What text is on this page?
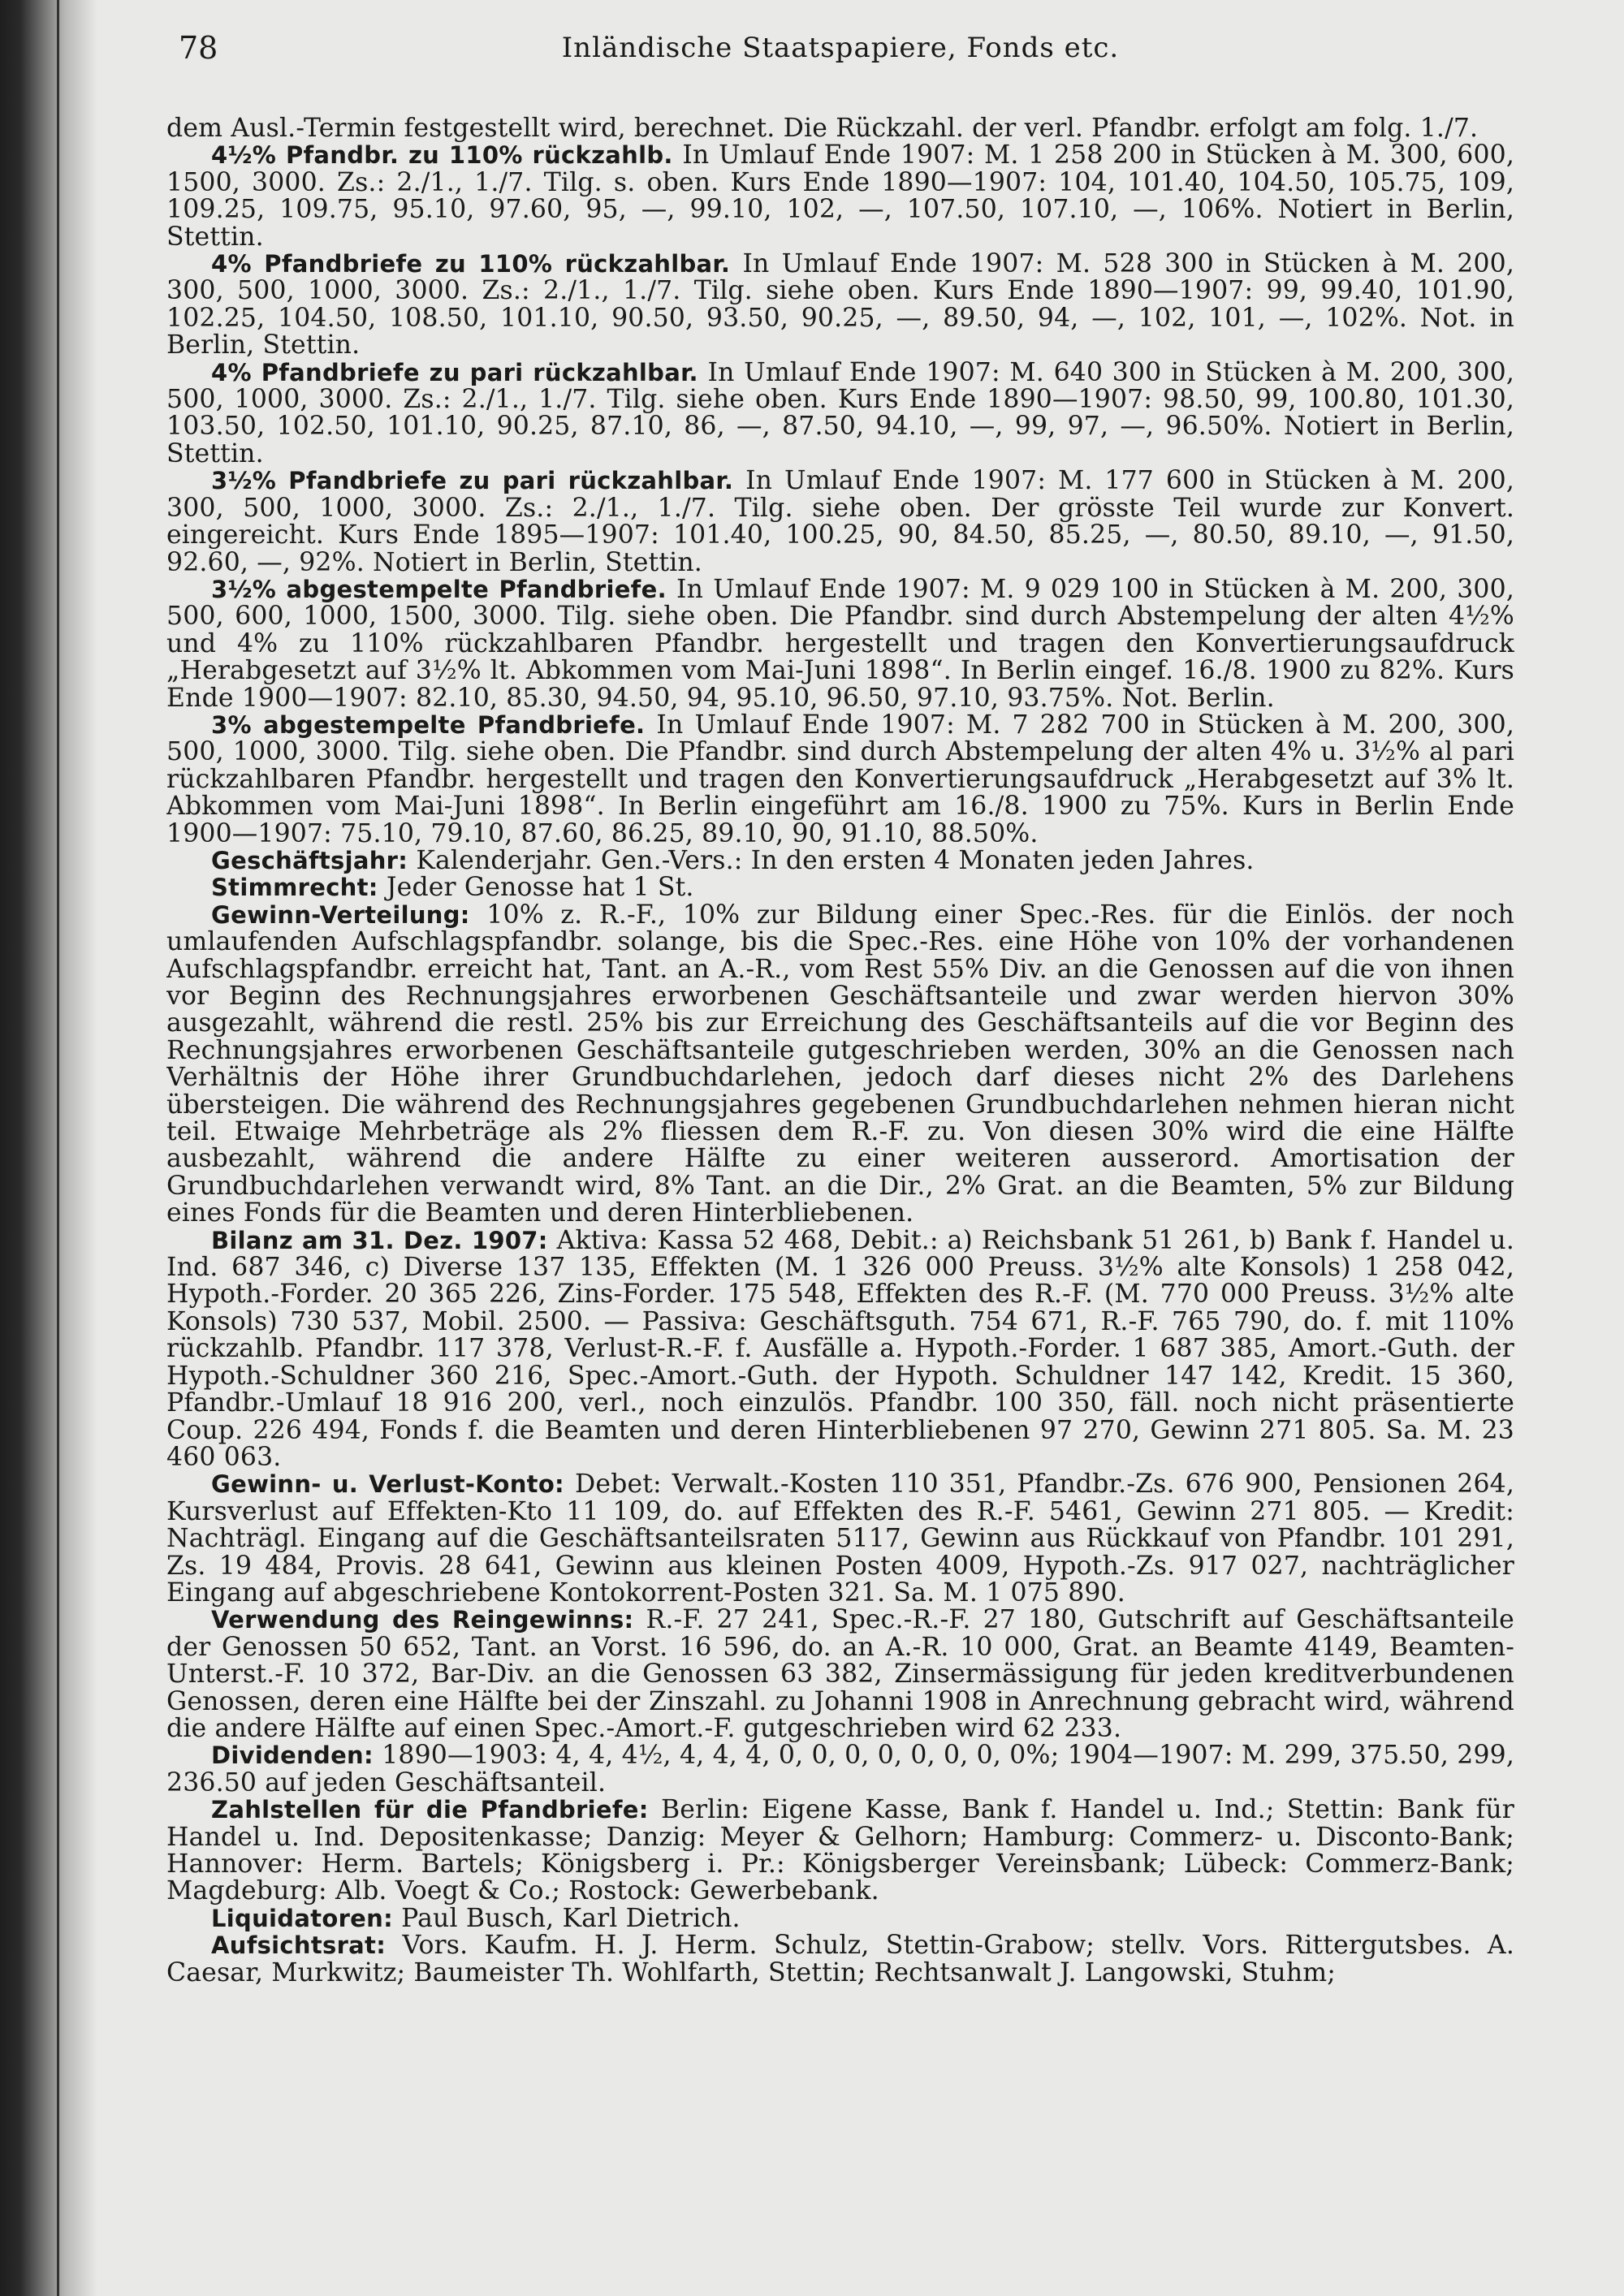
78	Inländische Staatspapiere, Fonds etc.

dem Ausl.-Termin festgestellt wird, berechnet. Die Rückzahl. der verl. Pfandbr. erfolgt am folg. 1./7.

4½% Pfandbr. zu 110% rückzahlb. In Umlauf Ende 1907: M. 1 258 200 in Stücken à M. 300, 600, 1500, 3000. Zs.: 2./1., 1./7. Tilg. s. oben. Kurs Ende 1890—1907: 104, 101.40, 104.50, 105.75, 109, 109.25, 109.75, 95.10, 97.60, 95, —, 99.10, 102, —, 107.50, 107.10, —, 106%. Notiert in Berlin, Stettin.

4% Pfandbriefe zu 110% rückzahlbar. In Umlauf Ende 1907: M. 528 300 in Stücken à M. 200, 300, 500, 1000, 3000. Zs.: 2./1., 1./7. Tilg. siehe oben. Kurs Ende 1890—1907: 99, 99.40, 101.90, 102.25, 104.50, 108.50, 101.10, 90.50, 93.50, 90.25, —, 89.50, 94, —, 102, 101, —, 102%. Not. in Berlin, Stettin.

4% Pfandbriefe zu pari rückzahlbar. In Umlauf Ende 1907: M. 640 300 in Stücken à M. 200, 300, 500, 1000, 3000. Zs.: 2./1., 1./7. Tilg. siehe oben. Kurs Ende 1890—1907: 98.50, 99, 100.80, 101.30, 103.50, 102.50, 101.10, 90.25, 87.10, 86, —, 87.50, 94.10, —, 99, 97, —, 96.50%. Notiert in Berlin, Stettin.

3½% Pfandbriefe zu pari rückzahlbar. In Umlauf Ende 1907: M. 177 600 in Stücken à M. 200, 300, 500, 1000, 3000. Zs.: 2./1., 1./7. Tilg. siehe oben. Der grösste Teil wurde zur Konvert. eingereicht. Kurs Ende 1895—1907: 101.40, 100.25, 90, 84.50, 85.25, —, 80.50, 89.10, —, 91.50, 92.60, —, 92%. Notiert in Berlin, Stettin.

3½% abgestempelte Pfandbriefe. In Umlauf Ende 1907: M. 9 029 100 in Stücken à M. 200, 300, 500, 600, 1000, 1500, 3000. Tilg. siehe oben. Die Pfandbr. sind durch Abstempelung der alten 4½% und 4% zu 110% rückzahlbaren Pfandbr. hergestellt und tragen den Konvertierungsaufdruck „Herabgesetzt auf 3½% lt. Abkommen vom Mai-Juni 1898“. In Berlin eingef. 16./8. 1900 zu 82%. Kurs Ende 1900—1907: 82.10, 85.30, 94.50, 94, 95.10, 96.50, 97.10, 93.75%. Not. Berlin.

3% abgestempelte Pfandbriefe. In Umlauf Ende 1907: M. 7 282 700 in Stücken à M. 200, 300, 500, 1000, 3000. Tilg. siehe oben. Die Pfandbr. sind durch Abstempelung der alten 4% u. 3½% al pari rückzahlbaren Pfandbr. hergestellt und tragen den Konvertierungsaufdruck „Herabgesetzt auf 3% lt. Abkommen vom Mai-Juni 1898“. In Berlin eingeführt am 16./8. 1900 zu 75%. Kurs in Berlin Ende 1900—1907: 75.10, 79.10, 87.60, 86.25, 89.10, 90, 91.10, 88.50%.

Geschäftsjahr: Kalenderjahr. Gen.-Vers.: In den ersten 4 Monaten jeden Jahres.

Stimmrecht: Jeder Genosse hat 1 St.

Gewinn-Verteilung: 10% z. R.-F., 10% zur Bildung einer Spec.-Res. für die Einlös. der noch umlaufenden Aufschlagspfandbr. solange, bis die Spec.-Res. eine Höhe von 10% der vorhandenen Aufschlagspfandbr. erreicht hat, Tant. an A.-R., vom Rest 55% Div. an die Genossen auf die von ihnen vor Beginn des Rechnungsjahres erworbenen Geschäftsanteile und zwar werden hiervon 30% ausgezahlt, während die restl. 25% bis zur Erreichung des Geschäftsanteils auf die vor Beginn des Rechnungsjahres erworbenen Geschäftsanteile gutgeschrieben werden, 30% an die Genossen nach Verhältnis der Höhe ihrer Grundbuchdarlehen, jedoch darf dieses nicht 2% des Darlehens übersteigen. Die während des Rechnungsjahres gegebenen Grundbuchdarlehen nehmen hieran nicht teil. Etwaige Mehrbeträge als 2% fliessen dem R.-F. zu. Von diesen 30% wird die eine Hälfte ausbezahlt, während die andere Hälfte zu einer weiteren ausserord. Amortisation der Grundbuchdarlehen verwandt wird, 8% Tant. an die Dir., 2% Grat. an die Beamten, 5% zur Bildung eines Fonds für die Beamten und deren Hinterbliebenen.

Bilanz am 31. Dez. 1907: Aktiva: Kassa 52 468, Debit.: a) Reichsbank 51 261, b) Bank f. Handel u. Ind. 687 346, c) Diverse 137 135, Effekten (M. 1 326 000 Preuss. 3½% alte Konsols) 1 258 042, Hypoth.-Forder. 20 365 226, Zins-Forder. 175 548, Effekten des R.-F. (M. 770 000 Preuss. 3½% alte Konsols) 730 537, Mobil. 2500. — Passiva: Geschäftsguth. 754 671, R.-F. 765 790, do. f. mit 110% rückzahlb. Pfandbr. 117 378, Verlust-R.-F. f. Ausfälle a. Hypoth.-Forder. 1 687 385, Amort.-Guth. der Hypoth.-Schuldner 360 216, Spec.-Amort.-Guth. der Hypoth. Schuldner 147 142, Kredit. 15 360, Pfandbr.-Umlauf 18 916 200, verl., noch einzulös. Pfandbr. 100 350, fäll. noch nicht präsentierte Coup. 226 494, Fonds f. die Beamten und deren Hinterbliebenen 97 270, Gewinn 271 805. Sa. M. 23 460 063.

Gewinn- u. Verlust-Konto: Debet: Verwalt.-Kosten 110 351, Pfandbr.-Zs. 676 900, Pensionen 264, Kursverlust auf Effekten-Kto 11 109, do. auf Effekten des R.-F. 5461, Gewinn 271 805. — Kredit: Nachträgl. Eingang auf die Geschäftsanteilsraten 5117, Gewinn aus Rückkauf von Pfandbr. 101 291, Zs. 19 484, Provis. 28 641, Gewinn aus kleinen Posten 4009, Hypoth.-Zs. 917 027, nachträglicher Eingang auf abgeschriebene Kontokorrent-Posten 321. Sa. M. 1 075 890.

Verwendung des Reingewinns: R.-F. 27 241, Spec.-R.-F. 27 180, Gutschrift auf Geschäftsanteile der Genossen 50 652, Tant. an Vorst. 16 596, do. an A.-R. 10 000, Grat. an Beamte 4149, Beamten-Unterst.-F. 10 372, Bar-Div. an die Genossen 63 382, Zinsermässigung für jeden kreditverbundenen Genossen, deren eine Hälfte bei der Zinszahl. zu Johanni 1908 in Anrechnung gebracht wird, während die andere Hälfte auf einen Spec.-Amort.-F. gutgeschrieben wird 62 233.

Dividenden: 1890—1903: 4, 4, 4½, 4, 4, 4, 0, 0, 0, 0, 0, 0, 0, 0%; 1904—1907: M. 299, 375.50, 299, 236.50 auf jeden Geschäftsanteil.

Zahlstellen für die Pfandbriefe: Berlin: Eigene Kasse, Bank f. Handel u. Ind.; Stettin: Bank für Handel u. Ind. Depositenkasse; Danzig: Meyer & Gelhorn; Hamburg: Commerz- u. Disconto-Bank; Hannover: Herm. Bartels; Königsberg i. Pr.: Königsberger Vereinsbank; Lübeck: Commerz-Bank; Magdeburg: Alb. Voegt & Co.; Rostock: Gewerbebank.

Liquidatoren: Paul Busch, Karl Dietrich.

Aufsichtsrat: Vors. Kaufm. H. J. Herm. Schulz, Stettin-Grabow; stellv. Vors. Rittergutsbes. A. Caesar, Murkwitz; Baumeister Th. Wohlfarth, Stettin; Rechtsanwalt J. Langowski, Stuhm;
